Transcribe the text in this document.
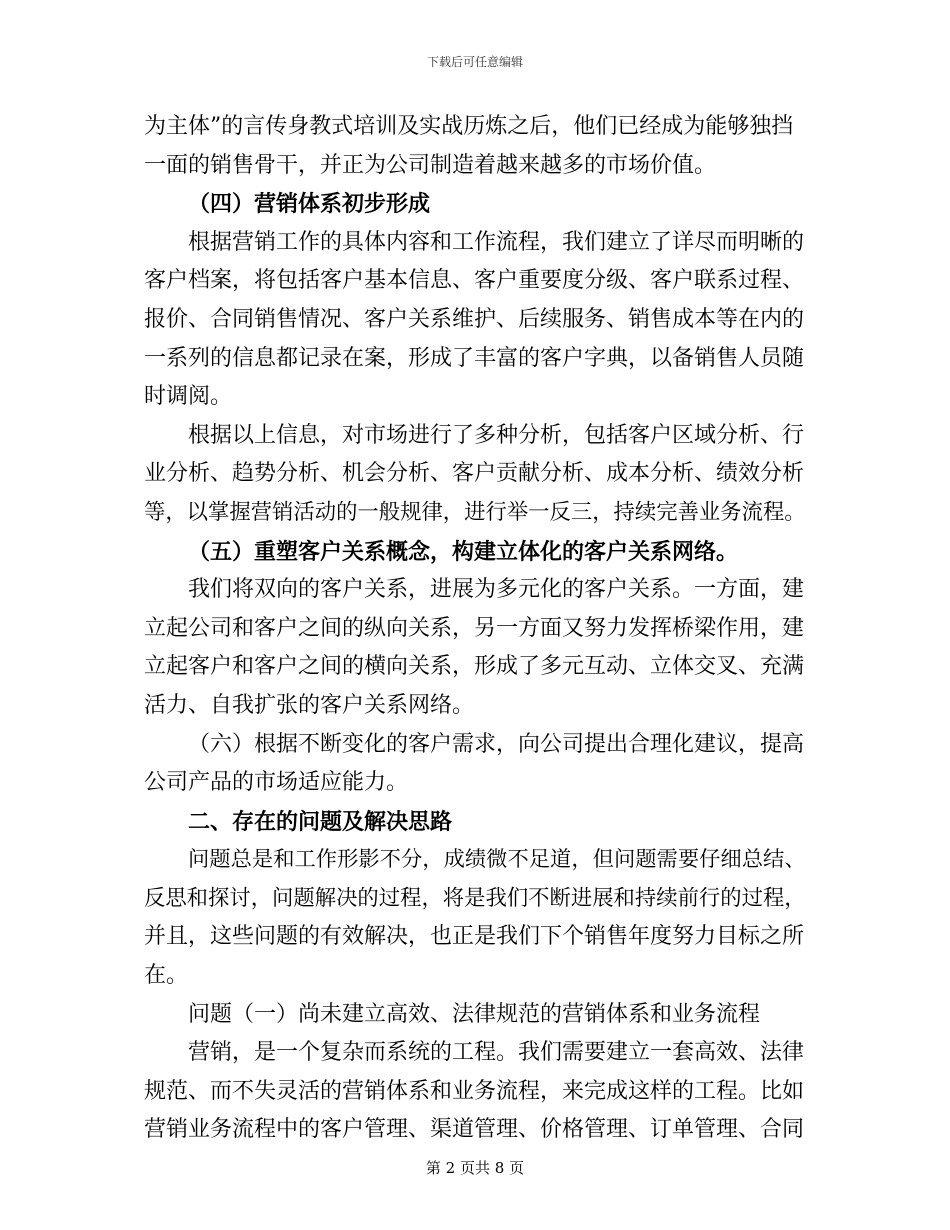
下载后可任意编辑
为主体”的言传身教式培训及实战历炼之后，他们已经成为能够独挡
一面的销售骨干，并正为公司制造着越来越多的市场价值。
（四）营销体系初步形成
根据营销工作的具体内容和工作流程，我们建立了详尽而明晰的
客户档案，将包括客户基本信息、客户重要度分级、客户联系过程、
报价、合同销售情况、客户关系维护、后续服务、销售成本等在内的
一系列的信息都记录在案，形成了丰富的客户字典，以备销售人员随
时调阅。
根据以上信息，对市场进行了多种分析，包括客户区域分析、行
业分析、趋势分析、机会分析、客户贡献分析、成本分析、绩效分析
等，以掌握营销活动的一般规律，进行举一反三，持续完善业务流程。
（五）重塑客户关系概念，构建立体化的客户关系网络。
我们将双向的客户关系，进展为多元化的客户关系。一方面，建
立起公司和客户之间的纵向关系，另一方面又努力发挥桥梁作用，建
立起客户和客户之间的横向关系，形成了多元互动、立体交叉、充满
活力、自我扩张的客户关系网络。
（六）根据不断变化的客户需求，向公司提出合理化建议，提高
公司产品的市场适应能力。
二、存在的问题及解决思路
问题总是和工作形影不分，成绩微不足道，但问题需要仔细总结、
反思和探讨，问题解决的过程，将是我们不断进展和持续前行的过程，
并且，这些问题的有效解决，也正是我们下个销售年度努力目标之所
在。
问题（一）尚未建立高效、法律规范的营销体系和业务流程
营销，是一个复杂而系统的工程。我们需要建立一套高效、法律
规范、而不失灵活的营销体系和业务流程，来完成这样的工程。比如
营销业务流程中的客户管理、渠道管理、价格管理、订单管理、合同
第 2 页共 8 页
